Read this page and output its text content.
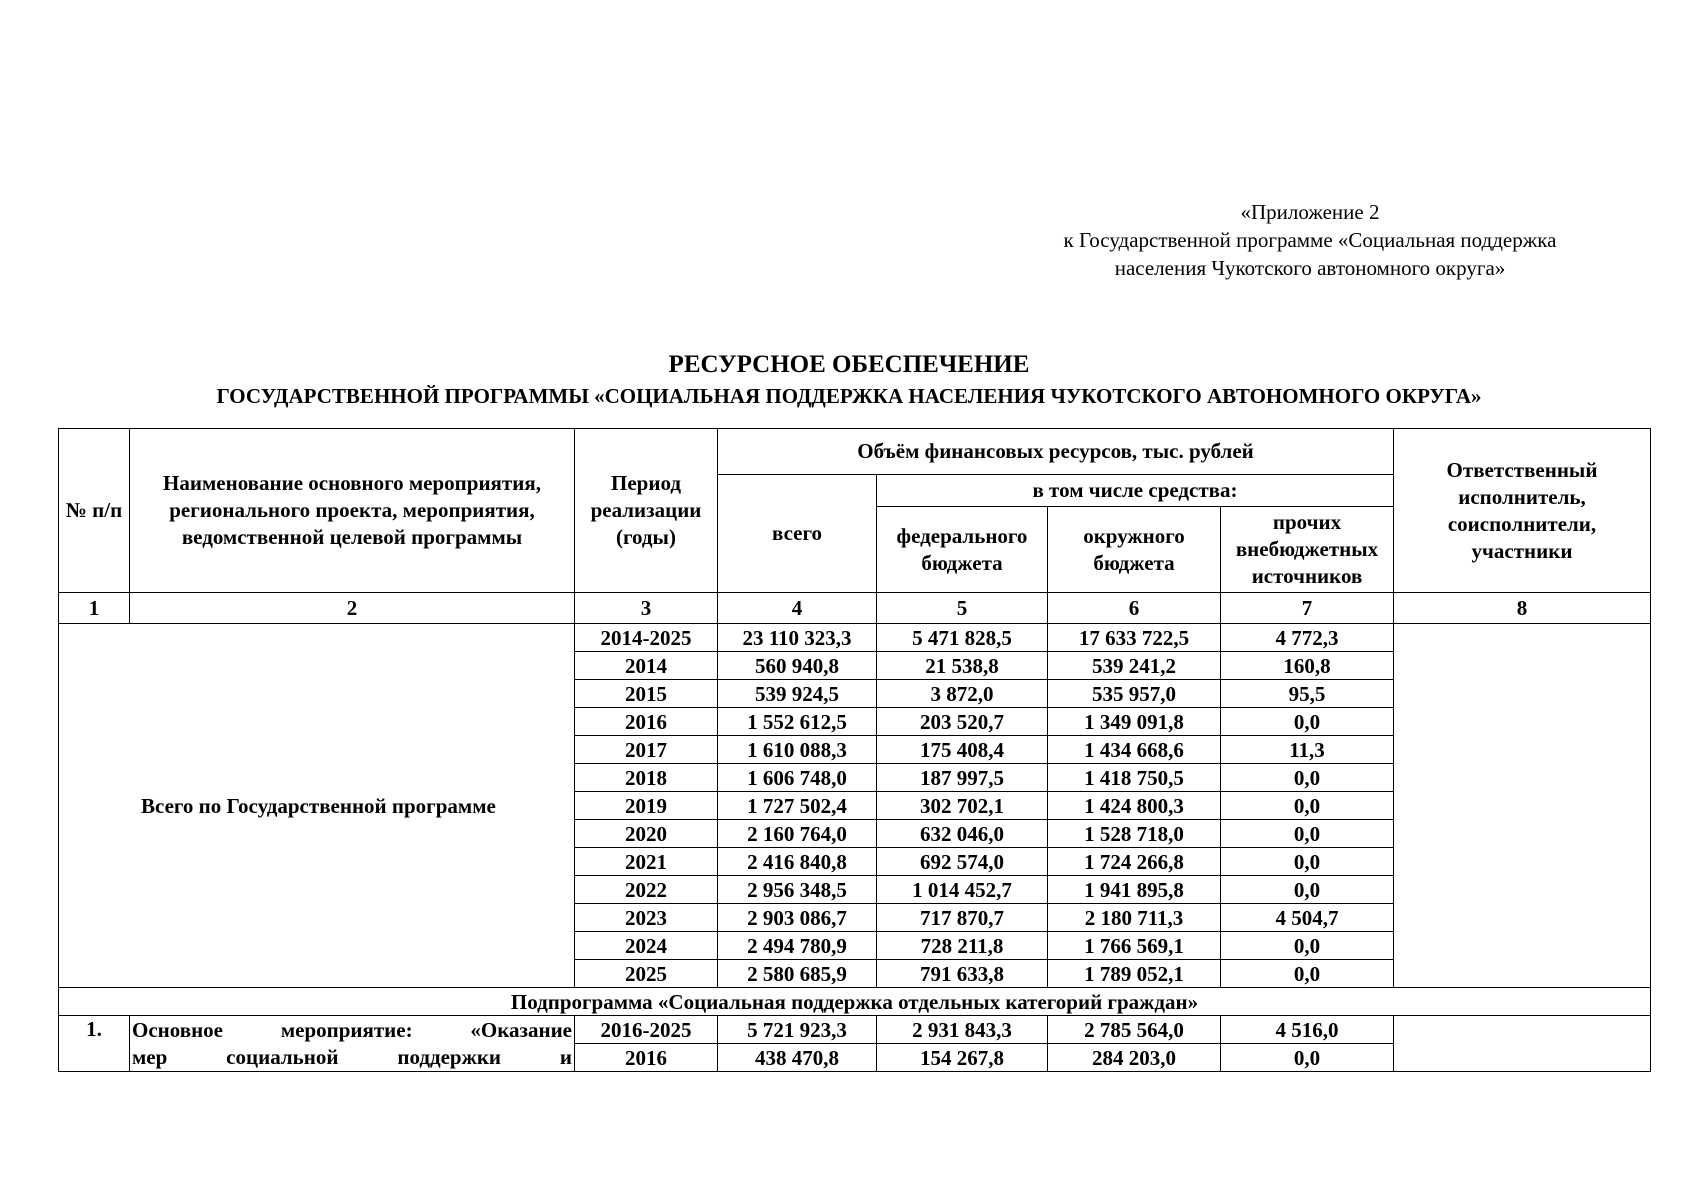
«Приложение 2
к Государственной программе «Социальная поддержка
населения Чукотского автономного округа»
РЕСУРСНОЕ ОБЕСПЕЧЕНИЕ
ГОСУДАРСТВЕННОЙ ПРОГРАММЫ «СОЦИАЛЬНАЯ ПОДДЕРЖКА НАСЕЛЕНИЯ ЧУКОТСКОГО АВТОНОМНОГО ОКРУГА»
№ п/п	Наименование основного мероприятия, регионального проекта, мероприятия, ведомственной целевой программы	Период реализации (годы)	Объём финансовых ресурсов, тыс. рублей				Ответственный исполнитель, соисполнители, участники
			всего	в том числе средства:			
				федерального бюджета	окружного бюджета	прочих внебюджетных источников	
1	2	3	4	5	6	7	8
Всего по Государственной программе		2014-2025	23 110 323,3	5 471 828,5	17 633 722,5	4 772,3	
		2014	560 940,8	21 538,8	539 241,2	160,8	
		2015	539 924,5	3 872,0	535 957,0	95,5	
		2016	1 552 612,5	203 520,7	1 349 091,8	0,0	
		2017	1 610 088,3	175 408,4	1 434 668,6	11,3	
		2018	1 606 748,0	187 997,5	1 418 750,5	0,0	
		2019	1 727 502,4	302 702,1	1 424 800,3	0,0	
		2020	2 160 764,0	632 046,0	1 528 718,0	0,0	
		2021	2 416 840,8	692 574,0	1 724 266,8	0,0	
		2022	2 956 348,5	1 014 452,7	1 941 895,8	0,0	
		2023	2 903 086,7	717 870,7	2 180 711,3	4 504,7	
		2024	2 494 780,9	728 211,8	1 766 569,1	0,0	
		2025	2 580 685,9	791 633,8	1 789 052,1	0,0	
Подпрограмма «Социальная поддержка отдельных категорий граждан»							
1.	Основное мероприятие: «Оказание	2016-2025	5 721 923,3	2 931 843,3	2 785 564,0	4 516,0	
	мер социальной поддержки и	2016	438 470,8	154 267,8	284 203,0	0,0	
